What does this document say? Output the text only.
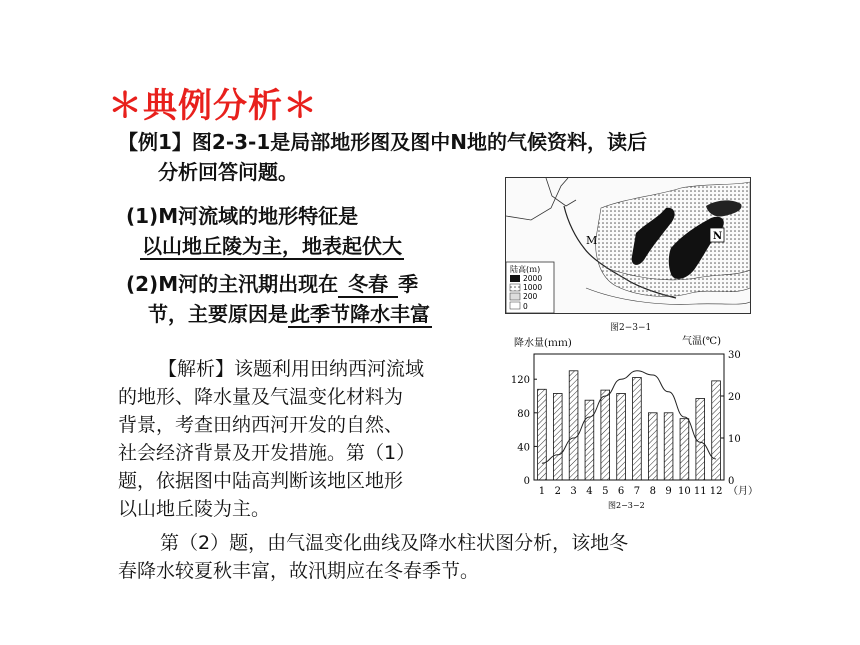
＊典例分析＊
【例1】图2-3-1是局部地形图及图中N地的气候资料，读后
分析回答问题。
(1)M河流域的地形特征是
以山地丘陵为主，地表起伏大
(2)M河的主汛期出现在 冬春 季
节，主要原因是 此季节降水丰富
【解析】该题利用田纳西河流域
的地形、降水量及气温变化材料为
背景，考查田纳西河开发的自然、
社会经济背景及开发措施。第（1）
题，依据图中陆高判断该地区地形
以山地丘陵为主。
第（2）题，由气温变化曲线及降水柱状图分析，该地冬
春降水较夏秋丰富，故汛期应在冬春季节。
M	N
陆高(ｍ)
2000
1000
200
0
图2−3−1
降水量(ｍｍ)	气温(℃)
1 2 3 4 5 6 7 8 9 10 11 12
0
40
80
120
0
10
20
30
（月）
图2−3−2
